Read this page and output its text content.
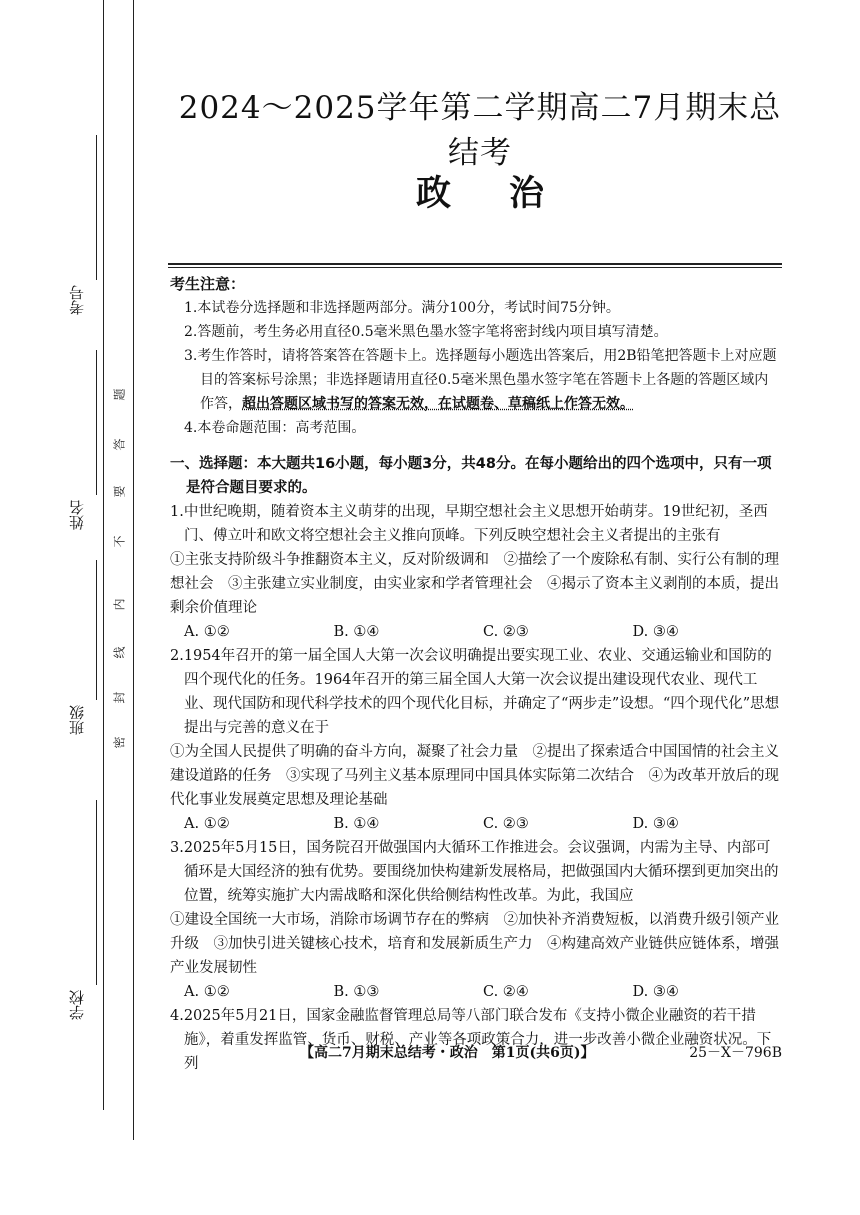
考号
姓名
班级
学校
密
封
线
内
不
要
答
题
2024～2025学年第二学期高二7月期末总结考
政治
考生注意：
1.本试卷分选择题和非选择题两部分。满分100分，考试时间75分钟。
2.答题前，考生务必用直径0.5毫米黑色墨水签字笔将密封线内项目填写清楚。
3.考生作答时，请将答案答在答题卡上。选择题每小题选出答案后，用2B铅笔把答题卡上对应题目的答案标号涂黑；非选择题请用直径0.5毫米黑色墨水签字笔在答题卡上各题的答题区域内作答，超出答题区域书写的答案无效，在试题卷、草稿纸上作答无效。
4.本卷命题范围：高考范围。
一、选择题：本大题共16小题，每小题3分，共48分。在每小题给出的四个选项中，只有一项是符合题目要求的。
1.中世纪晚期，随着资本主义萌芽的出现，早期空想社会主义思想开始萌芽。19世纪初，圣西门、傅立叶和欧文将空想社会主义推向顶峰。下列反映空想社会主义者提出的主张有
①主张支持阶级斗争推翻资本主义，反对阶级调和　②描绘了一个废除私有制、实行公有制的理想社会　③主张建立实业制度，由实业家和学者管理社会　④揭示了资本主义剥削的本质，提出剩余价值理论
A. ①②	B. ①④	C. ②③	D. ③④
2.1954年召开的第一届全国人大第一次会议明确提出要实现工业、农业、交通运输业和国防的四个现代化的任务。1964年召开的第三届全国人大第一次会议提出建设现代农业、现代工业、现代国防和现代科学技术的四个现代化目标，并确定了“两步走”设想。“四个现代化”思想提出与完善的意义在于
①为全国人民提供了明确的奋斗方向，凝聚了社会力量　②提出了探索适合中国国情的社会主义建设道路的任务　③实现了马列主义基本原理同中国具体实际第二次结合　④为改革开放后的现代化事业发展奠定思想及理论基础
A. ①②	B. ①④	C. ②③	D. ③④
3.2025年5月15日，国务院召开做强国内大循环工作推进会。会议强调，内需为主导、内部可循环是大国经济的独有优势。要围绕加快构建新发展格局，把做强国内大循环摆到更加突出的位置，统筹实施扩大内需战略和深化供给侧结构性改革。为此，我国应
①建设全国统一大市场，消除市场调节存在的弊病　②加快补齐消费短板，以消费升级引领产业升级　③加快引进关键核心技术，培育和发展新质生产力　④构建高效产业链供应链体系，增强产业发展韧性
A. ①②	B. ①③	C. ②④	D. ③④
4.2025年5月21日，国家金融监督管理总局等八部门联合发布《支持小微企业融资的若干措施》，着重发挥监管、货币、财税、产业等各项政策合力，进一步改善小微企业融资状况。下列
【高二7月期末总结考・政治　第1页(共6页)】	25－X－796B
